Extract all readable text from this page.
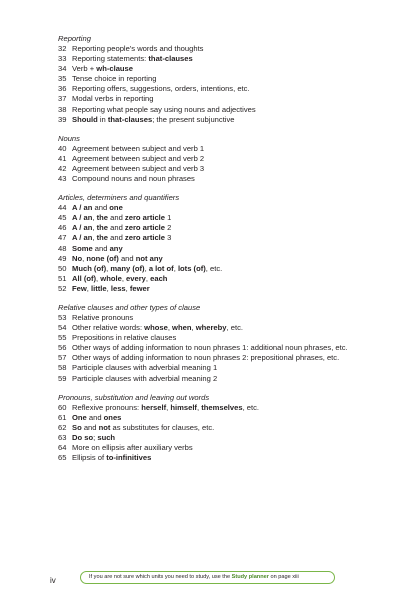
Reporting
32 Reporting people's words and thoughts
33 Reporting statements: that-clauses
34 Verb + wh-clause
35 Tense choice in reporting
36 Reporting offers, suggestions, orders, intentions, etc.
37 Modal verbs in reporting
38 Reporting what people say using nouns and adjectives
39 Should in that-clauses; the present subjunctive
Nouns
40 Agreement between subject and verb 1
41 Agreement between subject and verb 2
42 Agreement between subject and verb 3
43 Compound nouns and noun phrases
Articles, determiners and quantifiers
44 A / an and one
45 A / an, the and zero article 1
46 A / an, the and zero article 2
47 A / an, the and zero article 3
48 Some and any
49 No, none (of) and not any
50 Much (of), many (of), a lot of, lots (of), etc.
51 All (of), whole, every, each
52 Few, little, less, fewer
Relative clauses and other types of clause
53 Relative pronouns
54 Other relative words: whose, when, whereby, etc.
55 Prepositions in relative clauses
56 Other ways of adding information to noun phrases 1: additional noun phrases, etc.
57 Other ways of adding information to noun phrases 2: prepositional phrases, etc.
58 Participle clauses with adverbial meaning 1
59 Participle clauses with adverbial meaning 2
Pronouns, substitution and leaving out words
60 Reflexive pronouns: herself, himself, themselves, etc.
61 One and ones
62 So and not as substitutes for clauses, etc.
63 Do so; such
64 More on ellipsis after auxiliary verbs
65 Ellipsis of to-infinitives
iv	If you are not sure which units you need to study, use the Study planner on page xiii
